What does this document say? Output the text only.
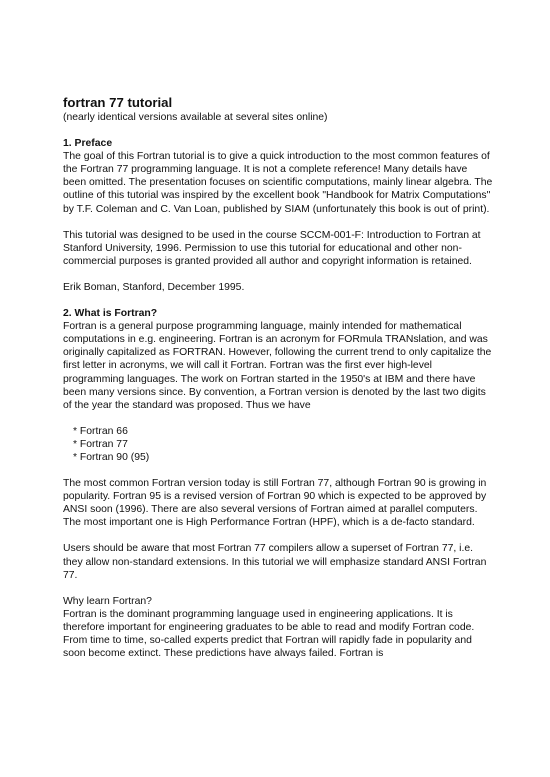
fortran 77 tutorial
(nearly identical versions available at several sites online)
1. Preface

The goal of this Fortran tutorial is to give a quick introduction to the most common features of the Fortran 77 programming language. It is not a complete reference! Many details have been omitted. The presentation focuses on scientific computations, mainly linear algebra. The outline of this tutorial was inspired by the excellent book "Handbook for Matrix Computations" by T.F. Coleman and C. Van Loan, published by SIAM (unfortunately this book is out of print).

This tutorial was designed to be used in the course SCCM-001-F: Introduction to Fortran at Stanford University, 1996. Permission to use this tutorial for educational and other non-commercial purposes is granted provided all author and copyright information is retained.

Erik Boman, Stanford, December 1995.

2. What is Fortran?

Fortran is a general purpose programming language, mainly intended for mathematical computations in e.g. engineering. Fortran is an acronym for FORmula TRANslation, and was originally capitalized as FORTRAN. However, following the current trend to only capitalize the first letter in acronyms, we will call it Fortran. Fortran was the first ever high-level programming languages. The work on Fortran started in the 1950's at IBM and there have been many versions since. By convention, a Fortran version is denoted by the last two digits of the year the standard was proposed. Thus we have

* Fortran 66
* Fortran 77
* Fortran 90 (95)

The most common Fortran version today is still Fortran 77, although Fortran 90 is growing in popularity. Fortran 95 is a revised version of Fortran 90 which is expected to be approved by ANSI soon (1996). There are also several versions of Fortran aimed at parallel computers. The most important one is High Performance Fortran (HPF), which is a de-facto standard.

Users should be aware that most Fortran 77 compilers allow a superset of Fortran 77, i.e. they allow non-standard extensions. In this tutorial we will emphasize standard ANSI Fortran 77.

Why learn Fortran?

Fortran is the dominant programming language used in engineering applications. It is therefore important for engineering graduates to be able to read and modify Fortran code. From time to time, so-called experts predict that Fortran will rapidly fade in popularity and soon become extinct. These predictions have always failed. Fortran is
